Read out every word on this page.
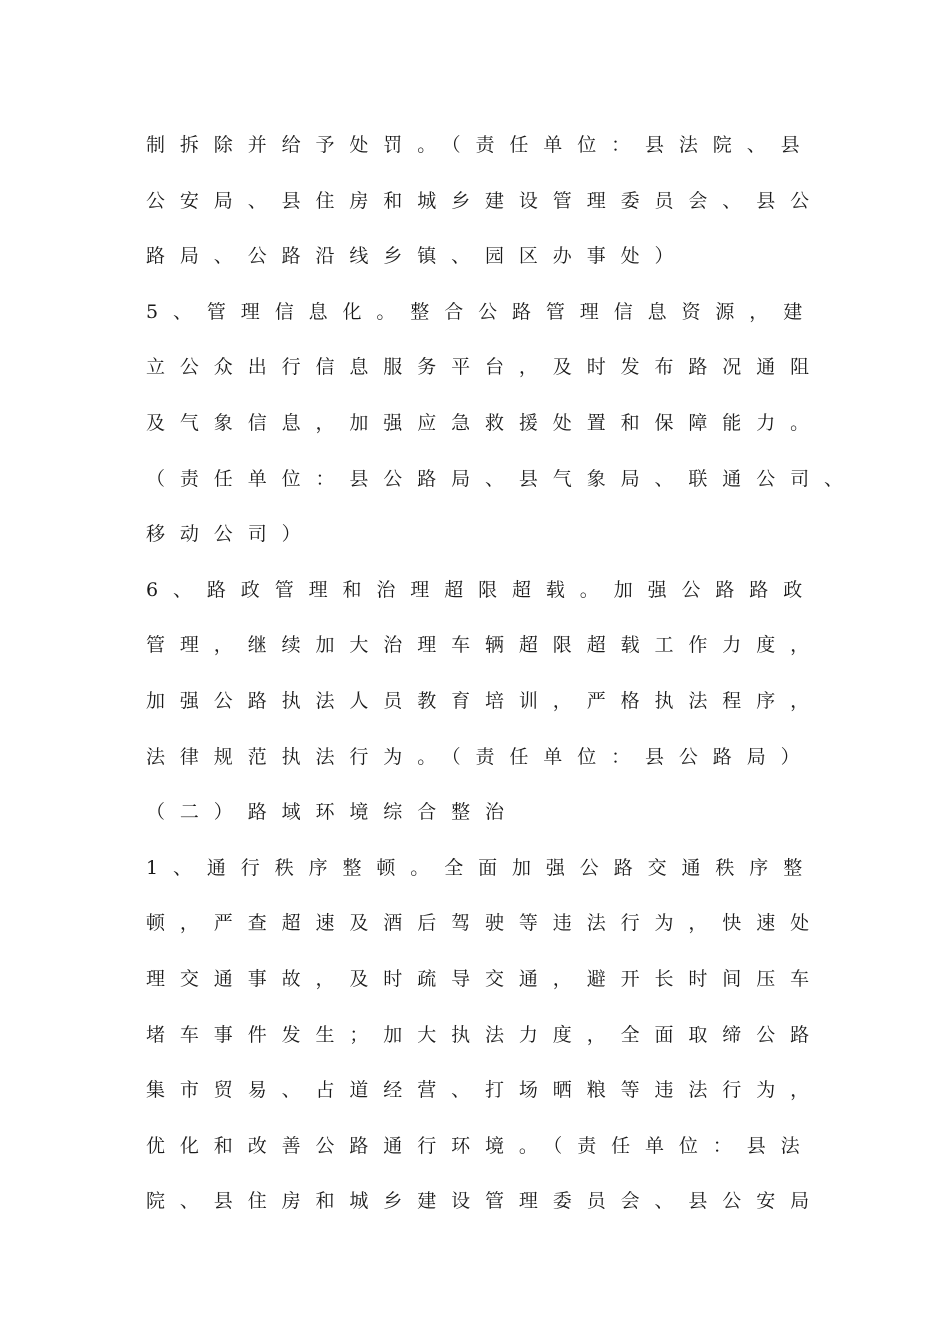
制拆除并给予处罚。（责任单位：县法院、县
公安局、县住房和城乡建设管理委员会、县公
路局、公路沿线乡镇、园区办事处）
5、管理信息化。整合公路管理信息资源，建
立公众出行信息服务平台，及时发布路况通阻
及气象信息，加强应急救援处置和保障能力。
（责任单位：县公路局、县气象局、联通公司、
移动公司）
6、路政管理和治理超限超载。加强公路路政
管理，继续加大治理车辆超限超载工作力度，
加强公路执法人员教育培训，严格执法程序，
法律规范执法行为。（责任单位：县公路局）
（二）路域环境综合整治
1、通行秩序整顿。全面加强公路交通秩序整
顿，严查超速及酒后驾驶等违法行为，快速处
理交通事故，及时疏导交通，避开长时间压车
堵车事件发生；加大执法力度，全面取缔公路
集市贸易、占道经营、打场晒粮等违法行为，
优化和改善公路通行环境。（责任单位：县法
院、县住房和城乡建设管理委员会、县公安局
